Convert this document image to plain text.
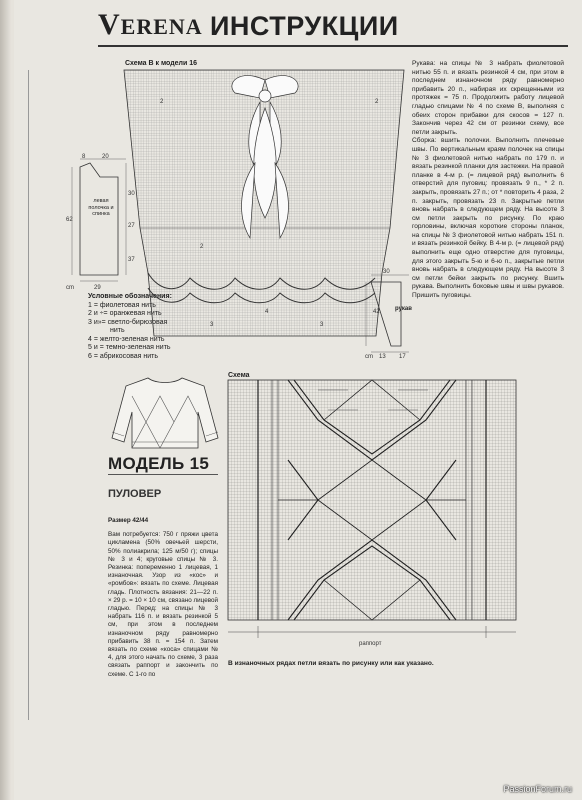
VERENA ИНСТРУКЦИИ
Схема В к модели 16
2	2
2
3	3
4
8	20
30
27
37
62
29
cm
левая полочка и спинка
30
42
13 17
cm
рукав
Условные обозначения:
1 = фиолетовая нить
2 и ÷= оранжевая нить
3 и»= светло-бирюзовая
нить
4 = желто-зеленая нить
5 и = темно-зеленая нить
6 = абрикосовая нить
Рукава: на спицы № 3 набрать фиолетовой нитью 55 п. и вязать резинкой 4 см, при этом в последнем изнаночном ряду равномерно прибавить 20 п., набирая их скрещенными из протяжек = 75 п. Продолжить работу лицевой гладью спицами № 4 по схеме В, выполняя с обеих сторон прибавки для скосов = 127 п. Закончив через 42 см от резинки схему, все петли закрыть.
Сборка: вшить полочки. Выполнить плечевые швы. По вертикальным краям полочек на спицы № 3 фиолетовой нитью набрать по 179 п. и вязать резинкой планки для застежки. На правой планке в 4-м р. (= лицевой ряд) выполнить 6 отверстий для пуговиц: провязать 9 п., * 2 п. закрыть, провязать 27 п.; от * повторить 4 раза, 2 п. закрыть, провязать 23 п. Закрытые петли вновь набрать в следующем ряду. На высоте 3 см петли закрыть по рисунку. По краю горловины, включая короткие стороны планок, на спицы № 3 фиолетовой нитью набрать 151 п. и вязать резинкой бейку. В 4-м р. (= лицевой ряд) выполнить еще одно отверстие для пуговицы, для этого закрыть 5-ю и 6-ю п., закрытые петли вновь набрать в следующем ряду. На высоте 3 см петли бейки закрыть по рисунку. Вшить рукава. Выполнить боковые швы и швы рукавов. Пришить пуговицы.
МОДЕЛЬ 15
ПУЛОВЕР
Размер 42/44
Вам потребуется: 750 г пряжи цвета цикламена (50% овечьей шерсти, 50% полиакрила; 125 м/50 г); спицы № 3 и 4; круговые спицы № 3. Резинка: попеременно 1 лицевая, 1 изнаночная. Узор из «кос» и «ромбов»: вязать по схеме. Лицевая гладь. Плотность вязания: 21—22 п. × 29 р. = 10 × 10 см, связано лицевой гладью. Перед: на спицы № 3 набрать 116 п. и вязать резинкой 5 см, при этом в последнем изнаночном ряду равномерно прибавить 38 п. = 154 п. Затем вязать по схеме «коса» спицами № 4, для этого начать по схеме, 3 раза связать раппорт и закончить по схеме. С 1-го по
Схема
раппорт
В изнаночных рядах петли вязать по рисунку или как указано.
PassionForum.ru
